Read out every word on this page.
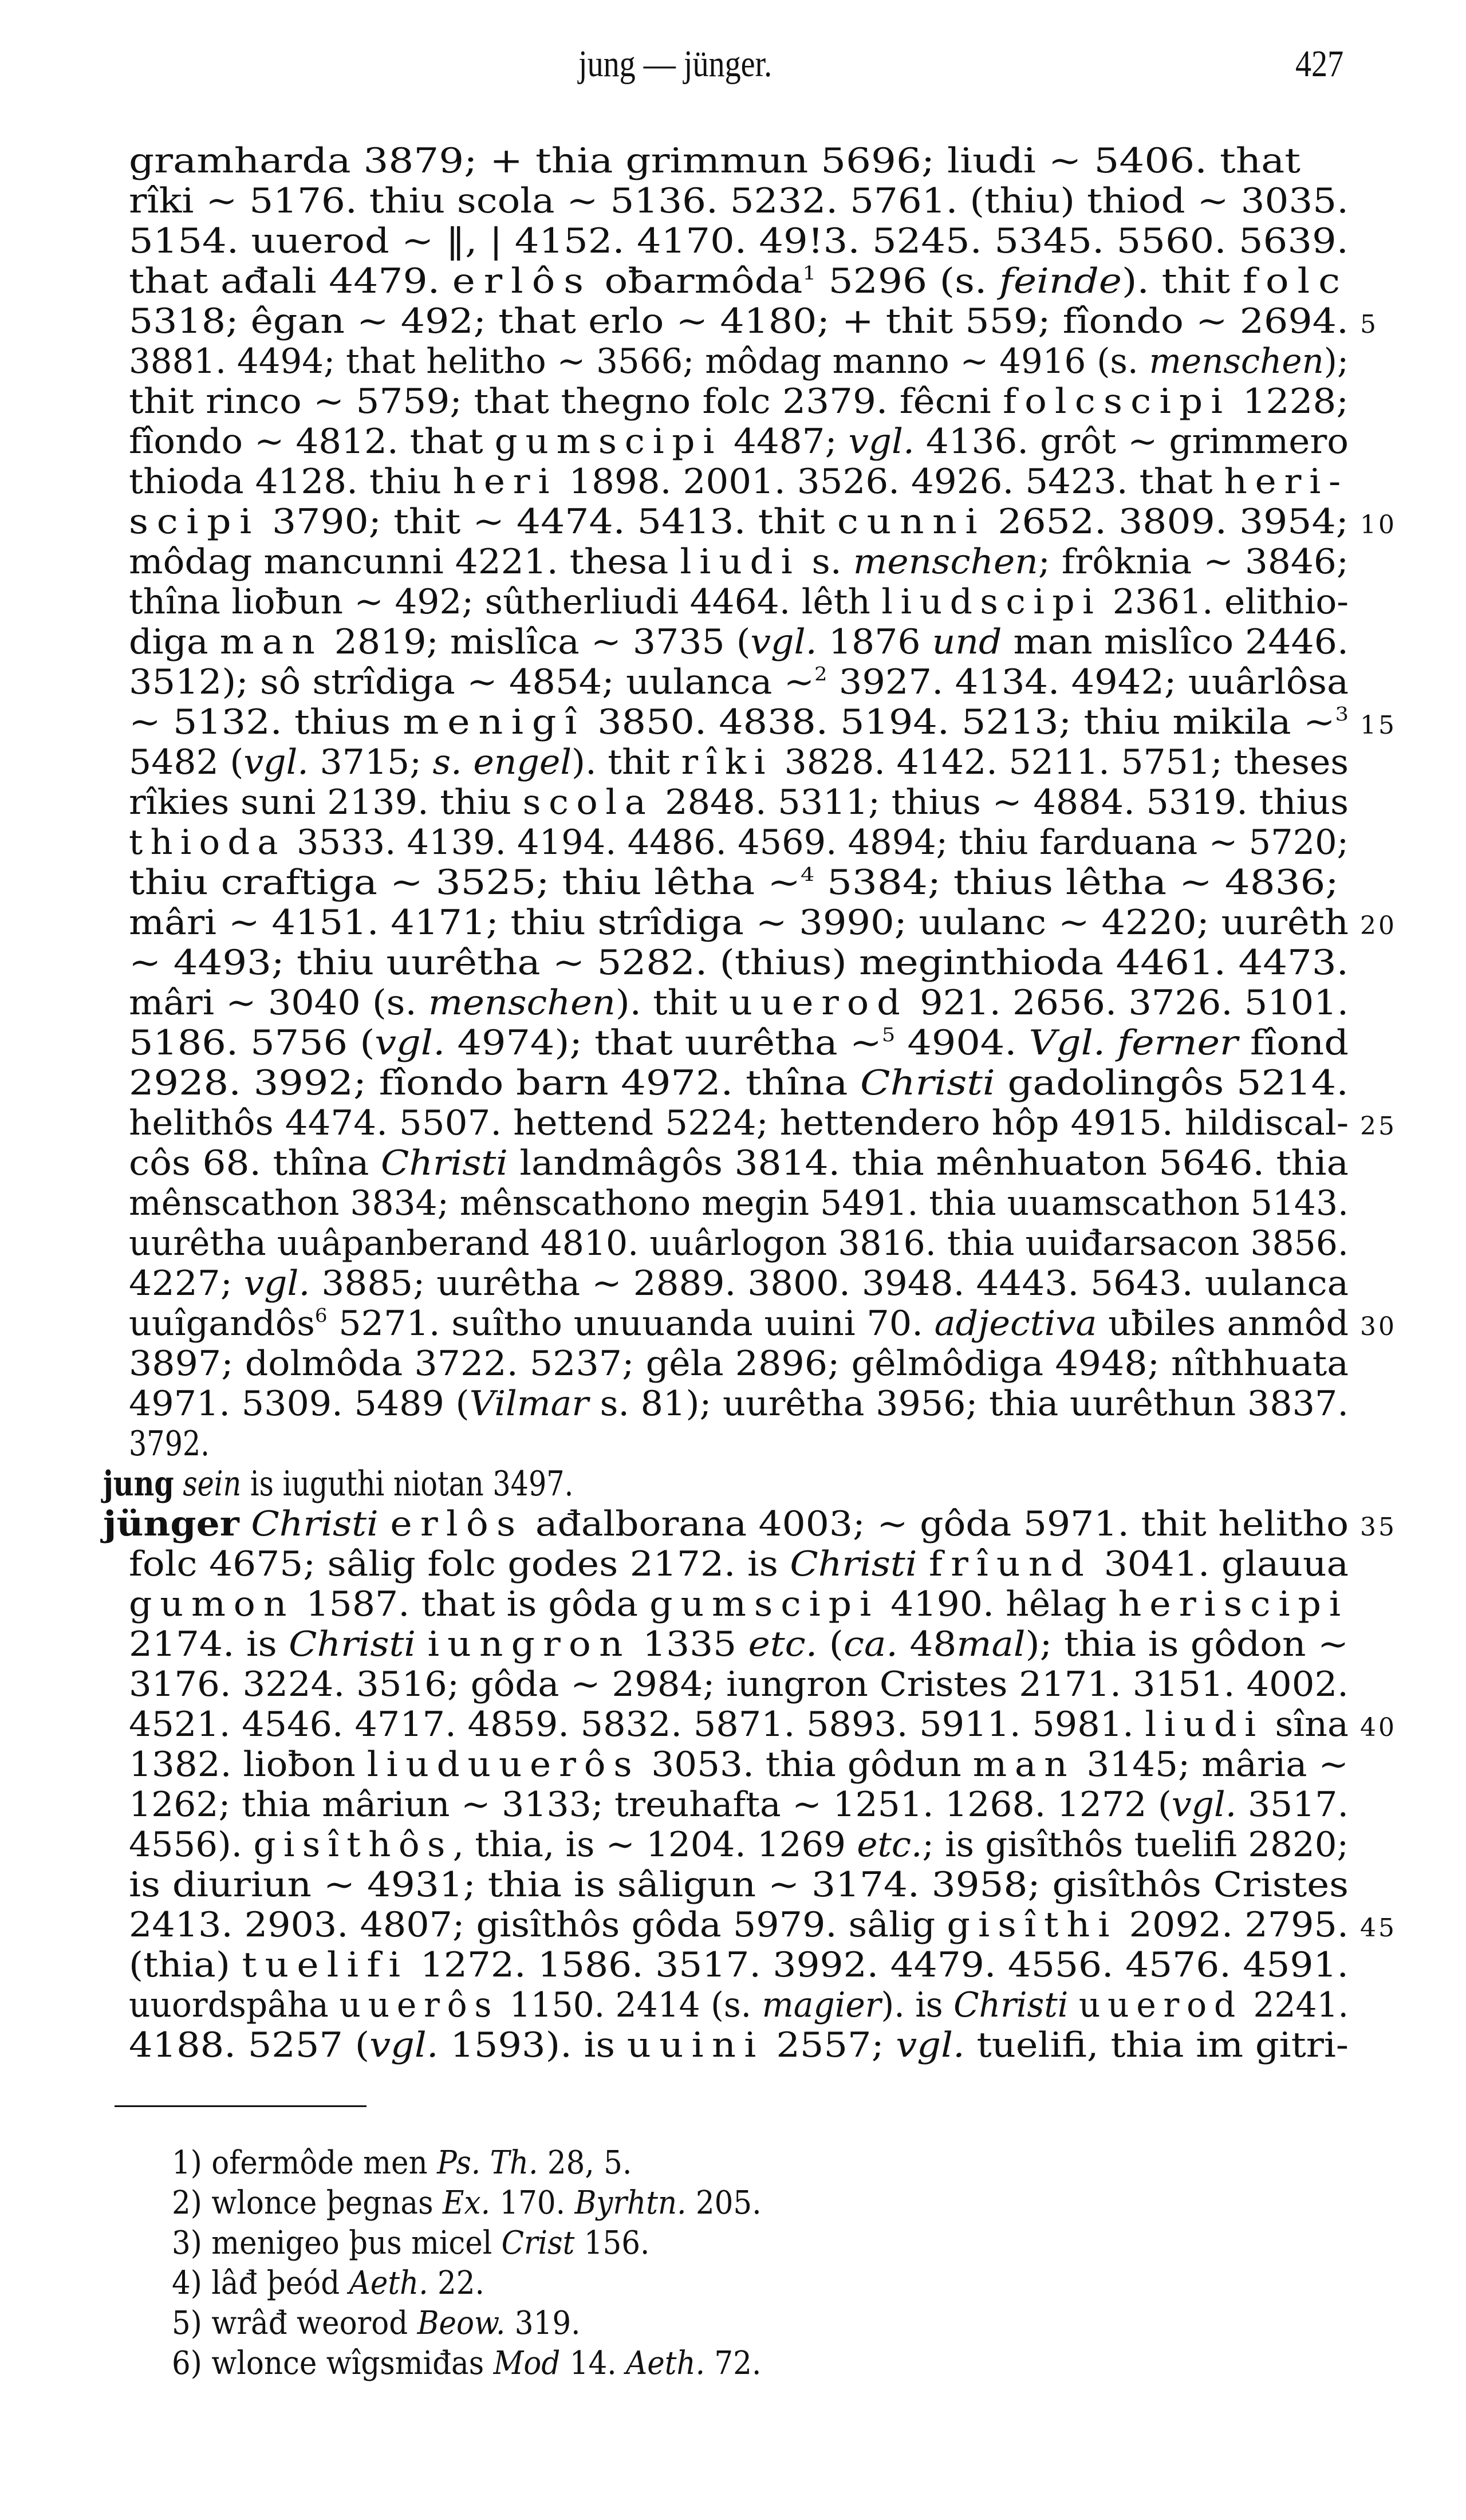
jung — jünger.	427
gramharda 3879; + thia grimmun 5696; liudi ∼ 5406. that
rîki ∼ 5176. thiu scola ∼ 5136. 5232. 5761. (thiu) thiod ∼ 3035.
5154. uuerod ∼ ‖, | 4152. 4170. 49!3. 5245. 5345. 5560. 5639.
that ađali 4479. erlôs oƀarmôda$^1$ 5296 (s. feinde). thit folc
5318; êgan ∼ 492; that erlo ∼ 4180; + thit 559; fîondo ∼ 2694. 5
3881. 4494; that helitho ∼ 3566; môdag manno ∼ 4916 (s. menschen);
thit rinco ∼ 5759; that thegno folc 2379. fêcni folcscipi 1228;
fîondo ∼ 4812. that gumscipi 4487; vgl. 4136. grôt ∼ grimmero
thioda 4128. thiu heri 1898. 2001. 3526. 4926. 5423. that heri-
scipi 3790; thit ∼ 4474. 5413. thit cunni 2652. 3809. 3954; 10
môdag mancunni 4221. thesa liudi s. menschen; frôknia ∼ 3846;
thîna lioƀun ∼ 492; sûtherliudi 4464. lêth liudscipi 2361. elithio-
diga man 2819; mislîca ∼ 3735 (vgl. 1876 und man mislîco 2446.
3512); sô strîdiga ∼ 4854; uulanca ∼$^2$ 3927. 4134. 4942; uuârlôsa
∼ 5132. thius menigî 3850. 4838. 5194. 5213; thiu mikila ∼$^3$ 15
5482 (vgl. 3715; s. engel). thit rîki 3828. 4142. 5211. 5751; theses
rîkies suni 2139. thiu scola 2848. 5311; thius ∼ 4884. 5319. thius
thioda 3533. 4139. 4194. 4486. 4569. 4894; thiu farduana ∼ 5720;
thiu craftiga ∼ 3525; thiu lêtha ∼$^4$ 5384; thius lêtha ∼ 4836;
mâri ∼ 4151. 4171; thiu strîdiga ∼ 3990; uulanc ∼ 4220; uurêth 20
∼ 4493; thiu uurêtha ∼ 5282. (thius) meginthioda 4461. 4473.
mâri ∼ 3040 (s. menschen). thit uuerod 921. 2656. 3726. 5101.
5186. 5756 (vgl. 4974); that uurêtha ∼$^5$ 4904. Vgl. ferner fîond
2928. 3992; fîondo barn 4972. thîna Christi gadolingôs 5214.
helithôs 4474. 5507. hettend 5224; hettendero hôp 4915. hildiscal- 25
côs 68. thîna Christi landmâgôs 3814. thia mênhuaton 5646. thia
mênscathon 3834; mênscathono megin 5491. thia uuamscathon 5143.
uurêtha uuâpanberand 4810. uuârlogon 3816. thia uuiđarsacon 3856.
4227; vgl. 3885; uurêtha ∼ 2889. 3800. 3948. 4443. 5643. uulanca
uuîgandôs$^6$ 5271. suîtho unuuanda uuini 70. adjectiva uƀiles anmôd 30
3897; dolmôda 3722. 5237; gêla 2896; gêlmôdiga 4948; nîthhuata
4971. 5309. 5489 (Vilmar s. 81); uurêtha 3956; thia uurêthun 3837.
3792.
jung sein is iuguthi niotan 3497.
jünger Christi erlôs ađalborana 4003; ∼ gôda 5971. thit helitho 35
folc 4675; sâlig folc godes 2172. is Christi frîund 3041. glauua
gumon 1587. that is gôda gumscipi 4190. hêlag heriscipi
2174. is Christi iungron 1335 etc. (ca. 48mal); thia is gôdon ∼
3176. 3224. 3516; gôda ∼ 2984; iungron Cristes 2171. 3151. 4002.
4521. 4546. 4717. 4859. 5832. 5871. 5893. 5911. 5981. liudi sîna 40
1382. lioƀon liuduuerôs 3053. thia gôdun man 3145; mâria ∼
1262; thia mâriun ∼ 3133; treuhafta ∼ 1251. 1268. 1272 (vgl. 3517.
4556). gisîthôs, thia, is ∼ 1204. 1269 etc.; is gisîthôs tuelifi 2820;
is diuriun ∼ 4931; thia is sâligun ∼ 3174. 3958; gisîthôs Cristes
2413. 2903. 4807; gisîthôs gôda 5979. sâlig gisîthi 2092. 2795. 45
(thia) tuelifi 1272. 1586. 3517. 3992. 4479. 4556. 4576. 4591.
uuordspâha uuerôs 1150. 2414 (s. magier). is Christi uuerod 2241.
4188. 5257 (vgl. 1593). is uuini 2557; vgl. tuelifi, thia im gitri-
1) ofermôde men Ps. Th. 28, 5.
2) wlonce þegnas Ex. 170. Byrhtn. 205.
3) menigeo þus micel Crist 156.
4) lâđ þeód Aeth. 22.
5) wrâđ weorod Beow. 319.
6) wlonce wîgsmiđas Mod 14. Aeth. 72.
